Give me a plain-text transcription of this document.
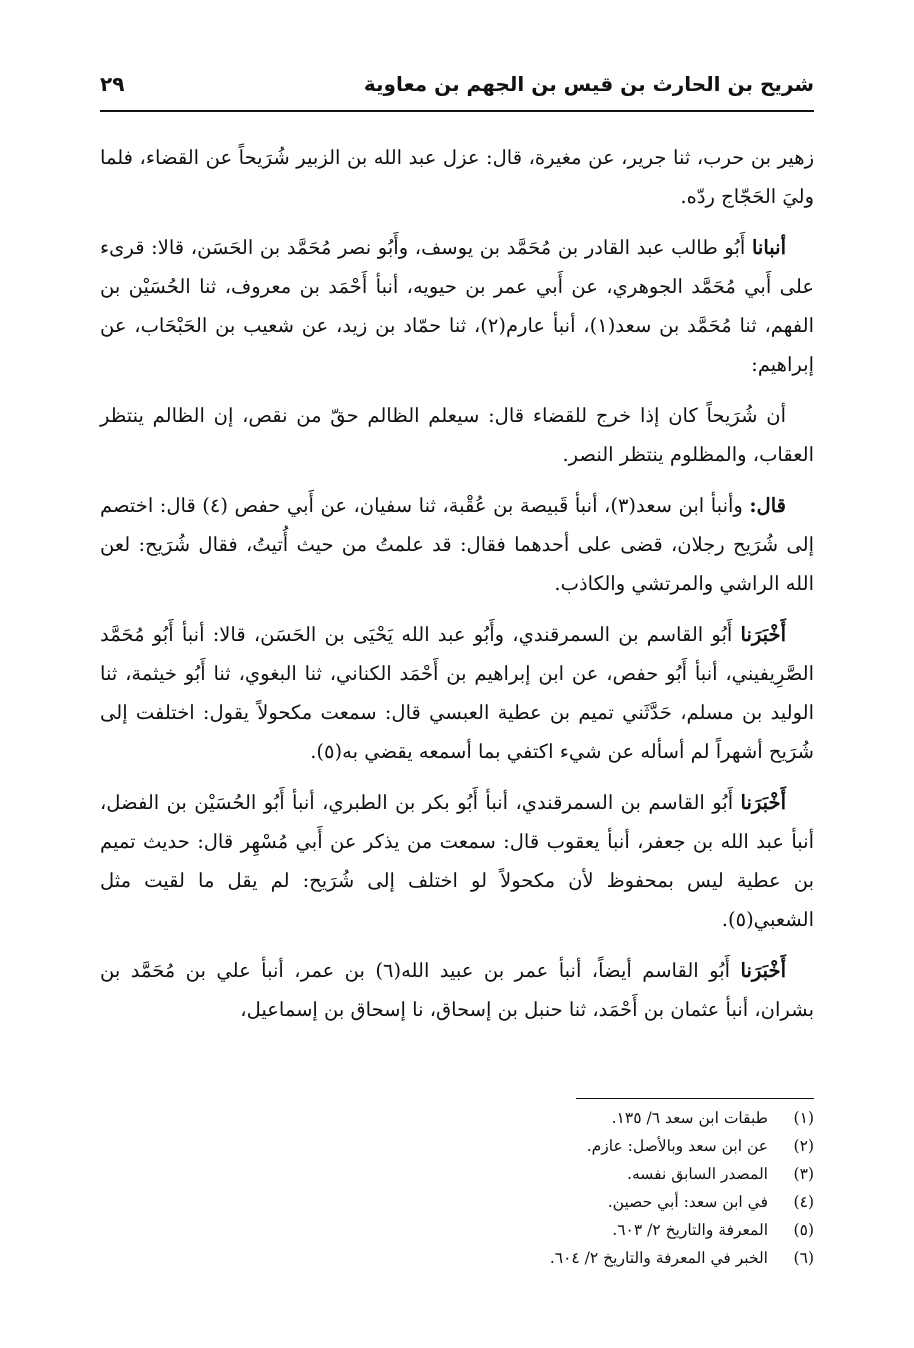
شريح بن الحارث بن قيس بن الجهم بن معاوية
٢٩

زهير بن حرب، ثنا جرير، عن مغيرة، قال: عزل عبد الله بن الزبير شُرَيحاً عن القضاء، فلما وليَ الحَجّاج ردّه.

أنبانا أَبُو طالب عبد القادر بن مُحَمَّد بن يوسف، وأَبُو نصر مُحَمَّد بن الحَسَن، قالا: قرىء على أَبي مُحَمَّد الجوهري، عن أَبي عمر بن حيويه، أنبأ أَحْمَد بن معروف، ثنا الحُسَيْن بن الفهم، ثنا مُحَمَّد بن سعد(١)، أنبأ عارم(٢)، ثنا حمّاد بن زيد، عن شعيب بن الحَبْحَاب، عن إبراهيم:

أن شُرَيحاً كان إذا خرج للقضاء قال: سيعلم الظالم حقّ من نقص، إن الظالم ينتظر العقاب، والمظلوم ينتظر النصر.

قال: وأنبأ ابن سعد(٣)، أنبأ قَبيصة بن عُقْبة، ثنا سفيان، عن أَبي حفص (٤) قال: اختصم إلى شُرَيح رجلان، قضى على أحدهما فقال: قد علمتُ من حيث أُتيتُ، فقال شُرَيح: لعن الله الراشي والمرتشي والكاذب.

أَخْبَرَنا أَبُو القاسم بن السمرقندي، وأَبُو عبد الله يَحْيَى بن الحَسَن، قالا: أنبأ أَبُو مُحَمَّد الصَّرِيفيني، أنبأ أَبُو حفص، عن ابن إبراهيم بن أَحْمَد الكناني، ثنا البغوي، ثنا أَبُو خيثمة، ثنا الوليد بن مسلم، حَدَّثَني تميم بن عطية العبسي قال: سمعت مكحولاً يقول: اختلفت إلى شُرَيح أشهراً لم أسأله عن شيء اكتفي بما أسمعه يقضي به(٥).

أَخْبَرَنا أَبُو القاسم بن السمرقندي، أنبأ أَبُو بكر بن الطبري، أنبأ أَبُو الحُسَيْن بن الفضل، أنبأ عبد الله بن جعفر، أنبأ يعقوب قال: سمعت من يذكر عن أَبي مُسْهِر قال: حديث تميم بن عطية ليس بمحفوظ لأن مكحولاً لو اختلف إلى شُرَيح: لم يقل ما لقيت مثل الشعبي(٥).

أَخْبَرَنا أَبُو القاسم أيضاً، أنبأ عمر بن عبيد الله(٦) بن عمر، أنبأ علي بن مُحَمَّد بن بشران، أنبأ عثمان بن أَحْمَد، ثنا حنبل بن إسحاق، نا إسحاق بن إسماعيل،

(١)
طبقات ابن سعد ٦/ ١٣٥.
(٢)
عن ابن سعد وبالأصل: عازم.
(٣)
المصدر السابق نفسه.
(٤)
في ابن سعد: أبي حصين.
(٥)
المعرفة والتاريخ ٢/ ٦٠٣.
(٦)
الخبر في المعرفة والتاريخ ٢/ ٦٠٤.
